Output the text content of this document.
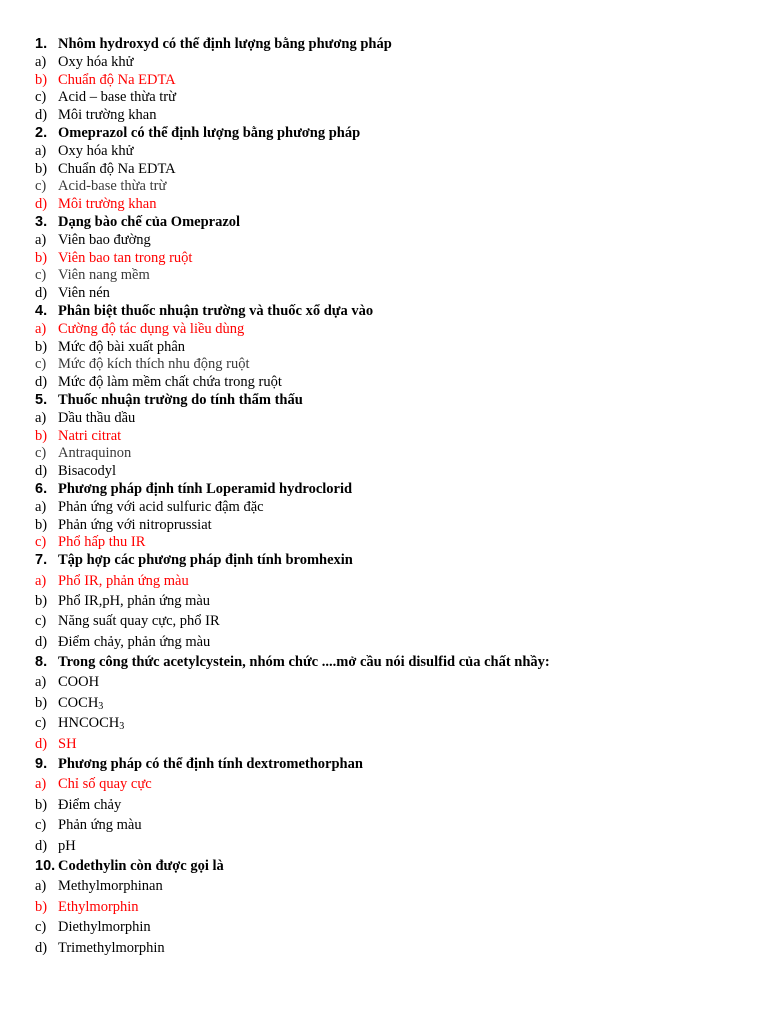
1. Nhôm hydroxyd có thể định lượng bằng phương pháp
a) Oxy hóa khử
b) Chuẩn độ Na EDTA
c) Acid – base thừa trừ
d) Môi trường khan
2. Omeprazol có thể định lượng bằng phương pháp
a) Oxy hóa khử
b) Chuẩn độ Na EDTA
c) Acid-base thừa trừ
d) Môi trường khan
3. Dạng bào chế của Omeprazol
a) Viên bao đường
b) Viên bao tan trong ruột
c) Viên nang mềm
d) Viên nén
4. Phân biệt thuốc nhuận trường và thuốc xổ dựa vào
a) Cường độ tác dụng và liều dùng
b) Mức độ bài xuất phân
c) Mức độ kích thích nhu động ruột
d) Mức độ làm mềm chất chứa trong ruột
5. Thuốc nhuận trường do tính thẩm thấu
a) Dầu thầu dầu
b) Natri citrat
c) Antraquinon
d) Bisacodyl
6. Phương pháp định tính Loperamid hydroclorid
a) Phản ứng với acid sulfuric đậm đặc
b) Phản ứng với nitroprussiat
c) Phổ hấp thu IR
7. Tập hợp các phương pháp định tính bromhexin
a) Phổ IR, phản ứng màu
b) Phổ IR,pH, phản ứng màu
c) Năng suất quay cực, phổ IR
d) Điểm chảy, phản ứng màu
8. Trong công thức acetylcystein, nhóm chức ....mở cầu nói disulfid của chất nhầy:
a) COOH
b) $COCH_3$
c) $HNCOCH_3$
d) SH
9. Phương pháp có thể định tính dextromethorphan
a) Chỉ số quay cực
b) Điểm chảy
c) Phản ứng màu
d) pH
10. Codethylin còn được gọi là
a) Methylmorphinan
b) Ethylmorphin
c) Diethylmorphin
d) Trimethylmorphin
